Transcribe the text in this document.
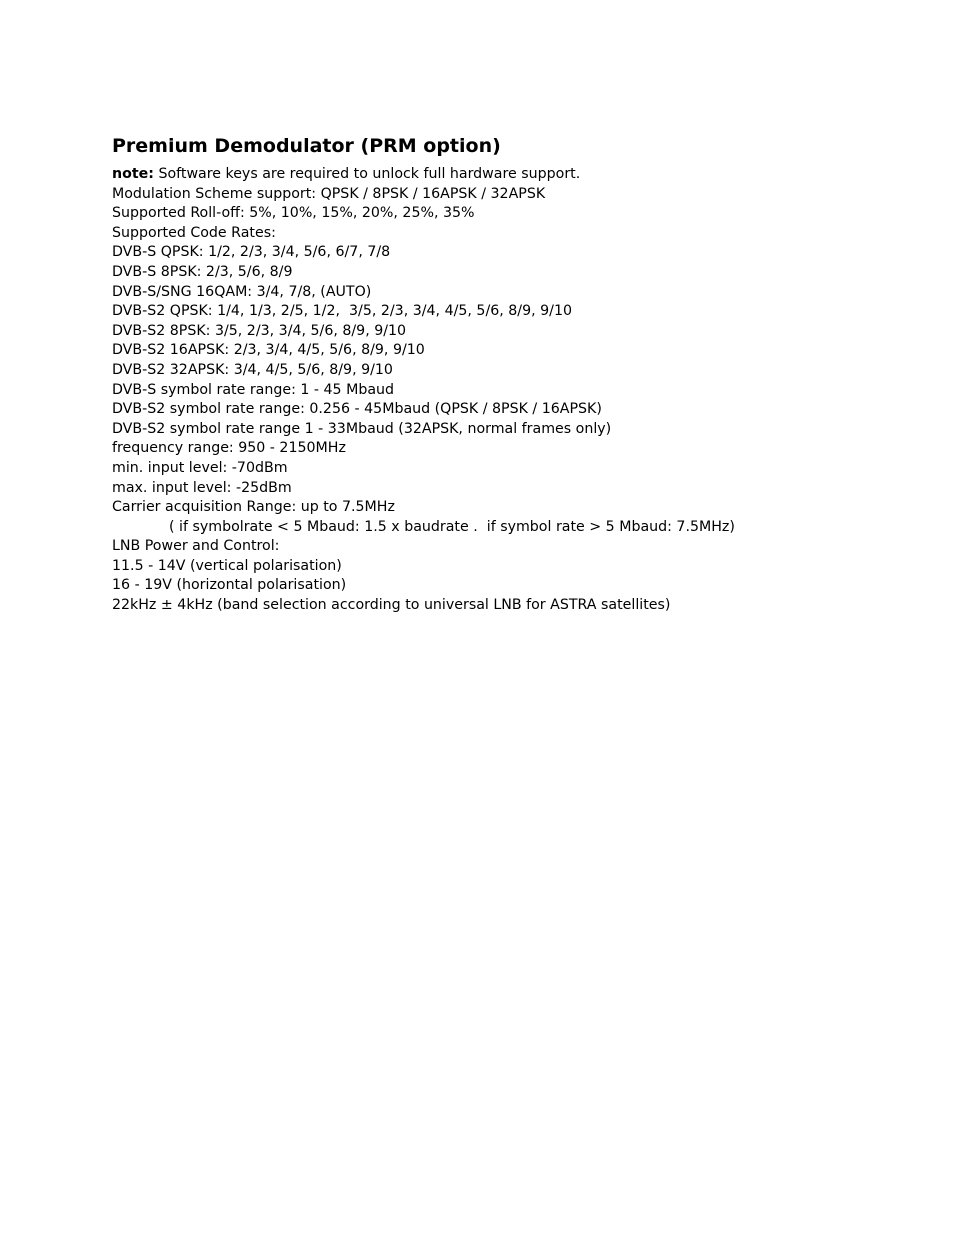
Premium Demodulator (PRM option)
note: Software keys are required to unlock full hardware support.
Modulation Scheme support: QPSK / 8PSK / 16APSK / 32APSK
Supported Roll-off: 5%, 10%, 15%, 20%, 25%, 35%
Supported Code Rates:
DVB-S QPSK: 1/2, 2/3, 3/4, 5/6, 6/7, 7/8
DVB-S 8PSK: 2/3, 5/6, 8/9
DVB-S/SNG 16QAM: 3/4, 7/8, (AUTO)
DVB-S2 QPSK: 1/4, 1/3, 2/5, 1/2,  3/5, 2/3, 3/4, 4/5, 5/6, 8/9, 9/10
DVB-S2 8PSK: 3/5, 2/3, 3/4, 5/6, 8/9, 9/10
DVB-S2 16APSK: 2/3, 3/4, 4/5, 5/6, 8/9, 9/10
DVB-S2 32APSK: 3/4, 4/5, 5/6, 8/9, 9/10
DVB-S symbol rate range: 1 - 45 Mbaud
DVB-S2 symbol rate range: 0.256 - 45Mbaud (QPSK / 8PSK / 16APSK)
DVB-S2 symbol rate range 1 - 33Mbaud (32APSK, normal frames only)
frequency range: 950 - 2150MHz
min. input level: -70dBm
max. input level: -25dBm
Carrier acquisition Range: up to 7.5MHz
( if symbolrate < 5 Mbaud: 1.5 x baudrate .  if symbol rate > 5 Mbaud: 7.5MHz)
LNB Power and Control:
11.5 - 14V (vertical polarisation)
16 - 19V (horizontal polarisation)
22kHz ± 4kHz (band selection according to universal LNB for ASTRA satellites)
